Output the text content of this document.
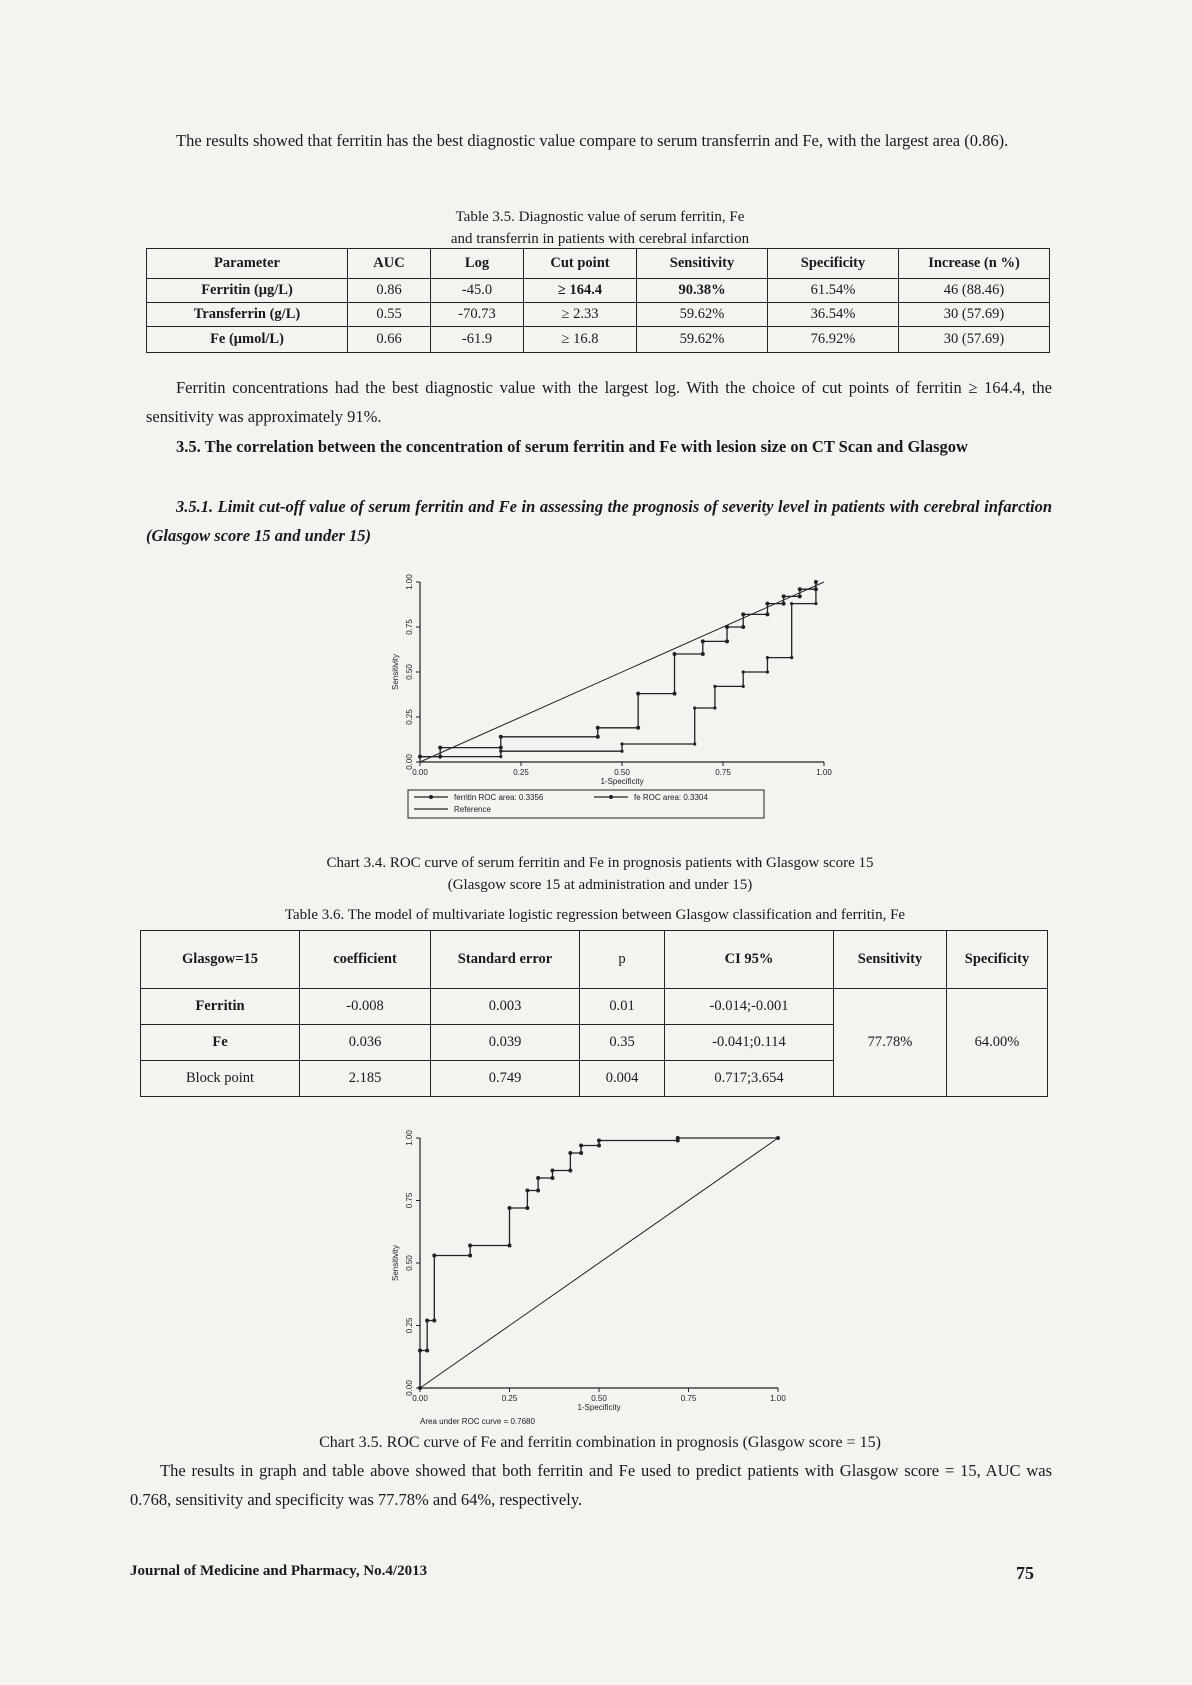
The results showed that ferritin has the best diagnostic value compare to serum transferrin and Fe, with the largest area (0.86).
Table 3.5. Diagnostic value of serum ferritin, Fe
and transferrin in patients with cerebral infarction
Parameter	AUC	Log	Cut point	Sensitivity	Specificity	Increase (n %)
Ferritin (μg/L)	0.86	-45.0	≥ 164.4	90.38%	61.54%	46 (88.46)
Transferrin (g/L)	0.55	-70.73	≥ 2.33	59.62%	36.54%	30 (57.69)
Fe (μmol/L)	0.66	-61.9	≥ 16.8	59.62%	76.92%	30 (57.69)
Ferritin concentrations had the best diagnostic value with the largest log. With the choice of cut points of ferritin ≥ 164.4, the sensitivity was approximately 91%.
3.5. The correlation between the concentration of serum ferritin and Fe with lesion size on CT Scan and Glasgow
3.5.1. Limit cut-off value of serum ferritin and Fe in assessing the prognosis of severity level in patients with cerebral infarction (Glasgow score 15 and under 15)
0.00
0.00
0.25
0.25
0.50
0.50
0.75
0.75
1.00
1.00
1-Specificity
Sensitivity
ferritin ROC area: 0.3356	fe ROC area: 0.3304
Reference
Chart 3.4. ROC curve of serum ferritin and Fe in prognosis patients with Glasgow score 15
(Glasgow score 15 at administration and under 15)
Table 3.6. The model of multivariate logistic regression between Glasgow classification and ferritin, Fe
Glasgow=15	coefficient	Standard error	p	CI 95%	Sensitivity	Specificity
Ferritin	-0.008	0.003	0.01	-0.014;-0.001	77.78%	64.00%
Fe	0.036	0.039	0.35	-0.041;0.114		
Block point	2.185	0.749	0.004	0.717;3.654		
0.00
0.00
0.25
0.25
0.50
0.50
0.75
0.75
1.00
1.00
1-Specificity
Sensitivity
Area under ROC curve = 0.7680
Chart 3.5. ROC curve of Fe and ferritin combination in prognosis (Glasgow score = 15)
The results in graph and table above showed that both ferritin and Fe used to predict patients with Glasgow score = 15, AUC was 0.768, sensitivity and specificity was 77.78% and 64%, respectively.
Journal of Medicine and Pharmacy, No.4/2013	75
